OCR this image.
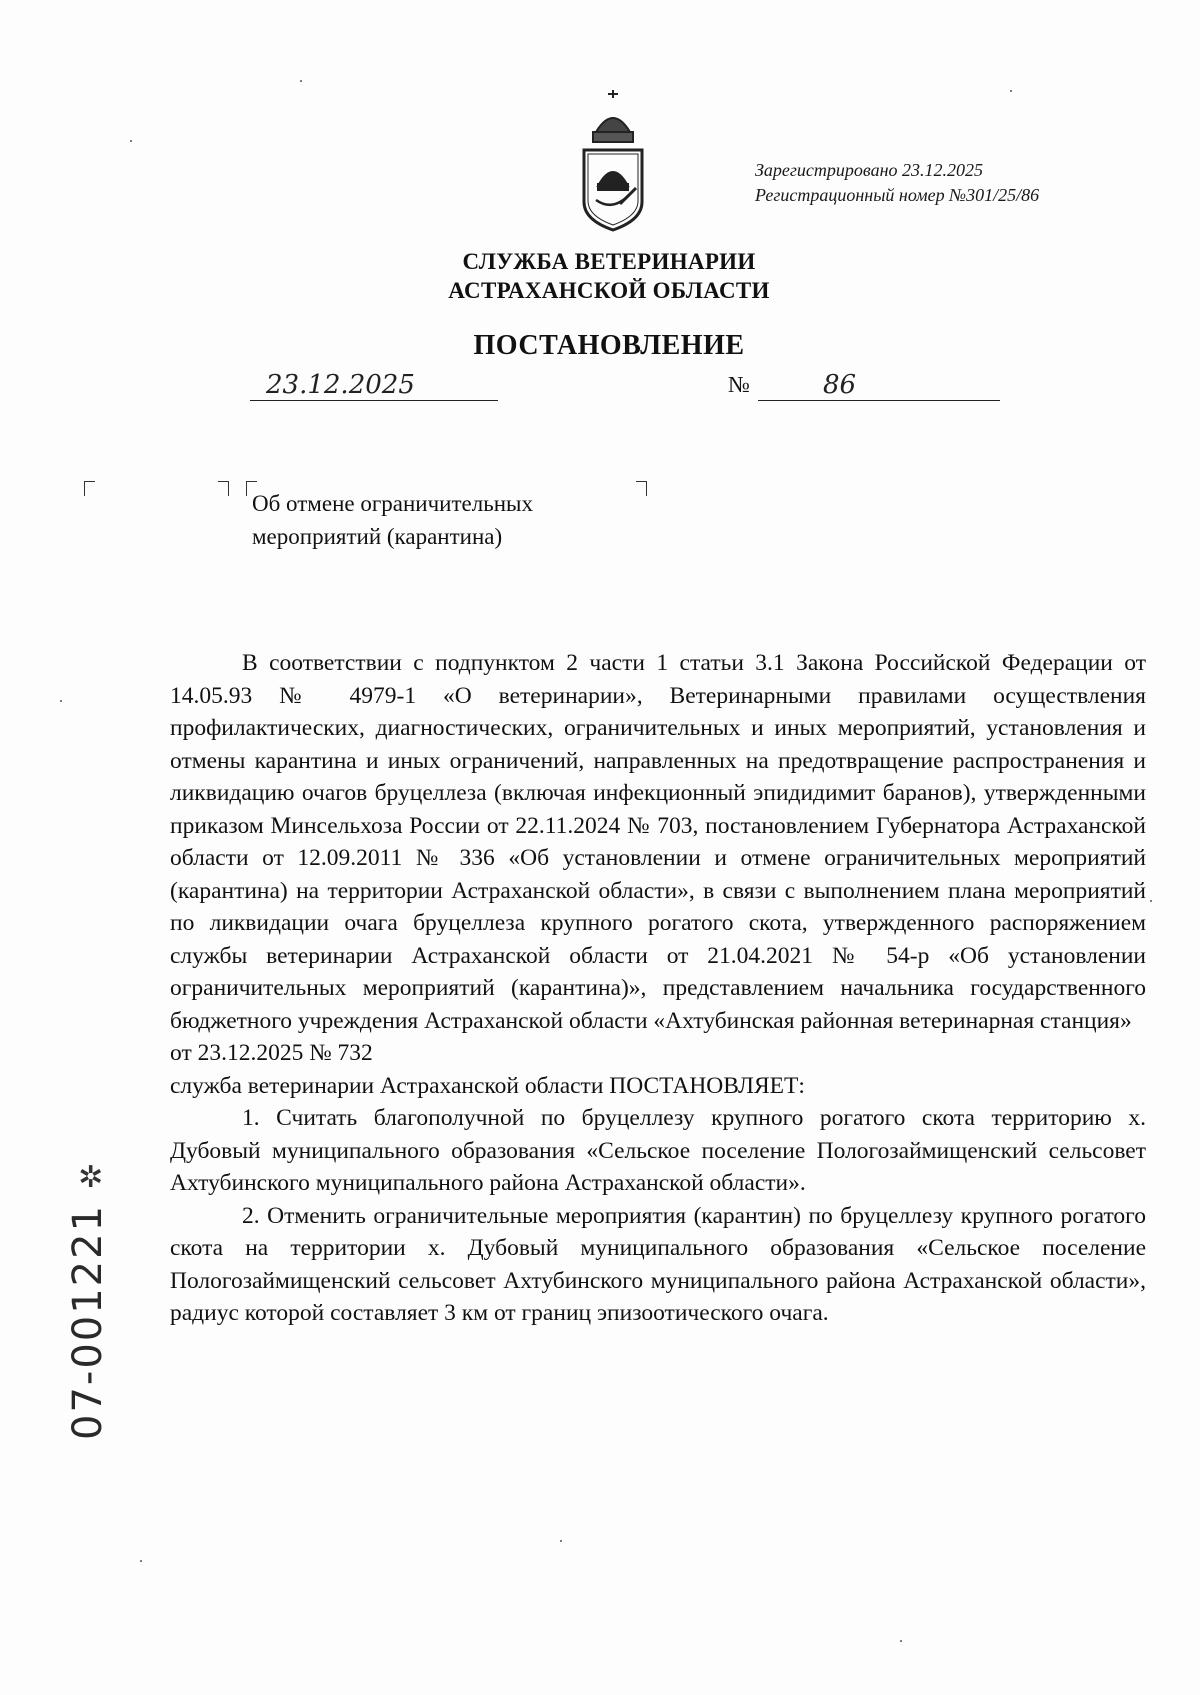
Зарегистрировано 23.12.2025
Регистрационный номер №301/25/86
СЛУЖБА ВЕТЕРИНАРИИ
АСТРАХАНСКОЙ ОБЛАСТИ
ПОСТАНОВЛЕНИЕ
23.12.2025	№	86
Об отмене ограничительных
мероприятий (карантина)

В соответствии с подпунктом 2 части 1 статьи 3.1 Закона Российской Федерации от 14.05.93 № 4979-1 «О ветеринарии», Ветеринарными правилами осуществления профилактических, диагностических, ограничительных и иных мероприятий, установления и отмены карантина и иных ограничений, направленных на предотвращение распространения и ликвидацию очагов бруцеллеза (включая инфекционный эпидидимит баранов), утвержденными приказом Минсельхоза России от 22.11.2024 № 703, постановлением Губернатора Астраханской области от 12.09.2011 № 336 «Об установлении и отмене ограничительных мероприятий (карантина) на территории Астраханской области», в связи с выполнением плана мероприятий по ликвидации очага бруцеллеза крупного рогатого скота, утвержденного распоряжением службы ветеринарии Астраханской области от 21.04.2021 № 54-р «Об установлении ограничительных мероприятий (карантина)», представлением начальника государственного бюджетного учреждения Астраханской области «Ахтубинская районная ветеринарная станция»

от 23.12.2025 № 732

служба ветеринарии Астраханской области ПОСТАНОВЛЯЕТ:

1. Считать благополучной по бруцеллезу крупного рогатого скота территорию х. Дубовый муниципального образования «Сельское поселение Пологозаймищенский сельсовет Ахтубинского муниципального района Астраханской области».

2. Отменить ограничительные мероприятия (карантин) по бруцеллезу крупного рогатого скота на территории х. Дубовый муниципального образования «Сельское поселение Пологозаймищенский сельсовет Ахтубинского муниципального района Астраханской области», радиус которой составляет 3 км от границ эпизоотического очага.

✲
07-001221
